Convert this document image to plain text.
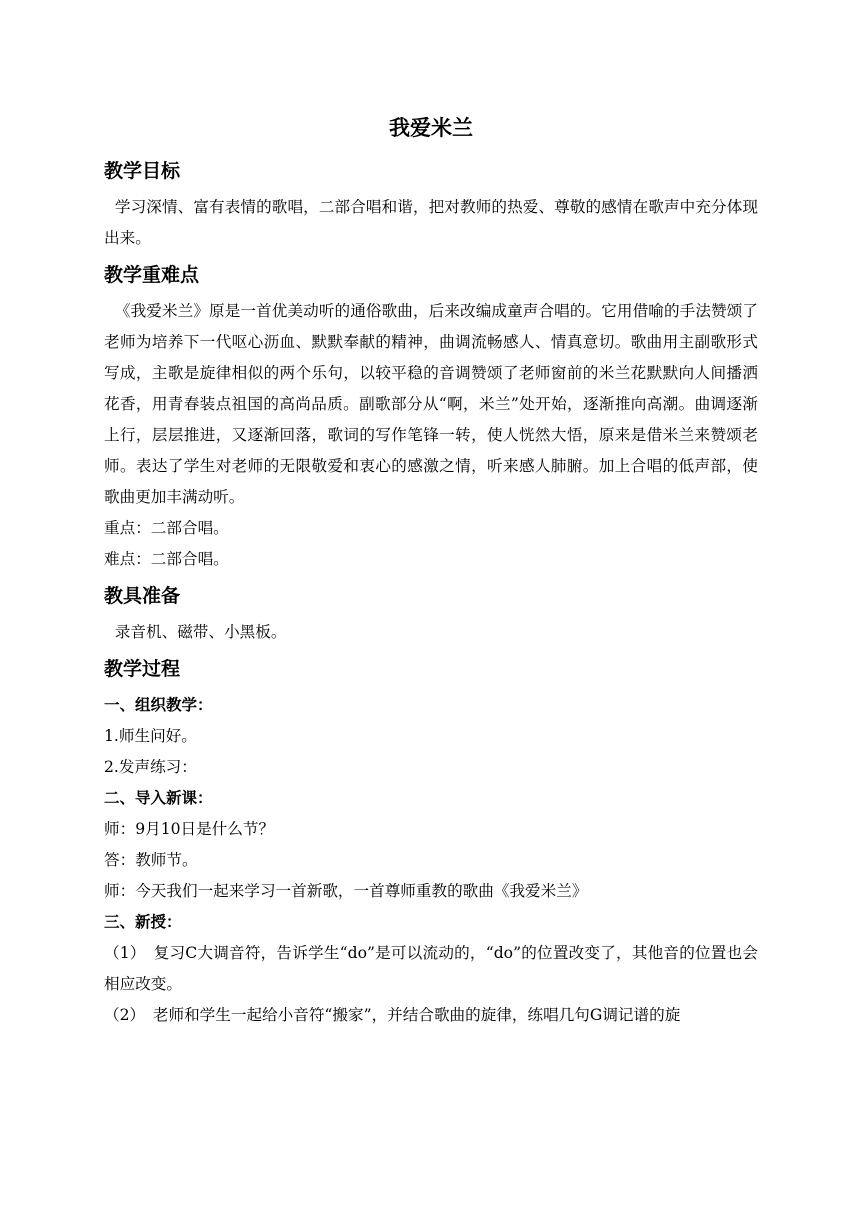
我爱米兰
教学目标
学习深情、富有表情的歌唱，二部合唱和谐，把对教师的热爱、尊敬的感情在歌声中充分体现出来。
教学重难点
《我爱米兰》原是一首优美动听的通俗歌曲，后来改编成童声合唱的。它用借喻的手法赞颂了老师为培养下一代呕心沥血、默默奉献的精神，曲调流畅感人、情真意切。歌曲用主副歌形式写成，主歌是旋律相似的两个乐句，以较平稳的音调赞颂了老师窗前的米兰花默默向人间播洒花香，用青春装点祖国的高尚品质。副歌部分从“啊，米兰”处开始，逐渐推向高潮。曲调逐渐上行，层层推进，又逐渐回落，歌词的写作笔锋一转，使人恍然大悟，原来是借米兰来赞颂老师。表达了学生对老师的无限敬爱和衷心的感激之情，听来感人肺腑。加上合唱的低声部，使歌曲更加丰满动听。
重点：二部合唱。
难点：二部合唱。
教具准备
录音机、磁带、小黑板。
教学过程
一、组织教学：
1.师生问好。
2.发声练习：
二、导入新课：
师：9月10日是什么节？
答：教师节。
师：今天我们一起来学习一首新歌，一首尊师重教的歌曲《我爱米兰》
三、新授：
（1）　复习C大调音符，告诉学生“do”是可以流动的，“do”的位置改变了，其他音的位置也会相应改变。
（2）　老师和学生一起给小音符“搬家”，并结合歌曲的旋律，练唱几句G调记谱的旋
